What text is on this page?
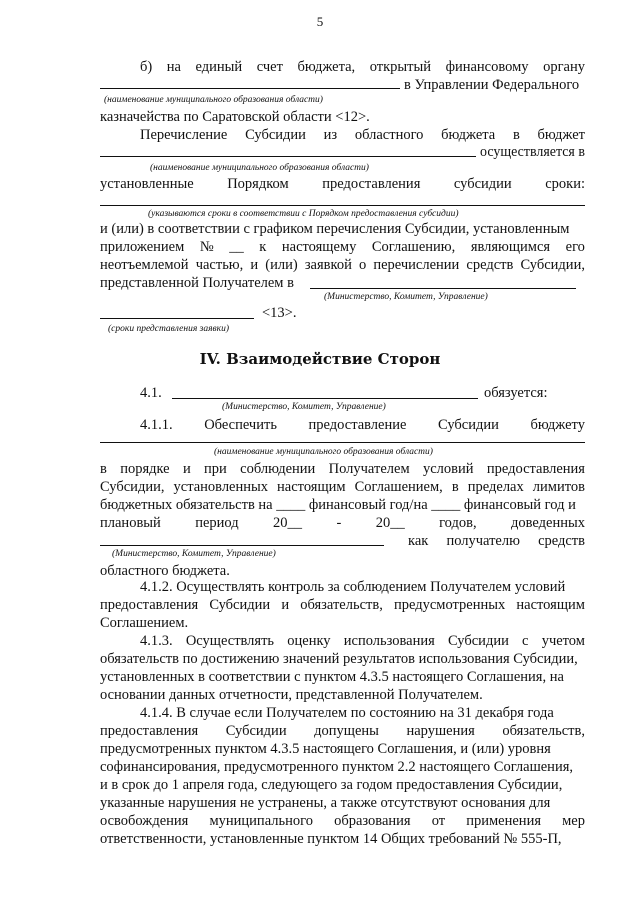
5
б) на единый счет бюджета, открытый финансовому органу
в Управлении Федерального
(наименование муниципального образования области)
казначейства по Саратовской области <12>.
Перечисление Субсидии из областного бюджета в бюджет
осуществляется в
(наименование муниципального образования области)
установленные Порядком предоставления субсидии сроки:
(указываются сроки в соответствии с Порядком предоставления субсидии)
и (или) в соответствии с графиком перечисления Субсидии, установленным
приложением № __ к настоящему Соглашению, являющимся его
неотъемлемой частью, и (или) заявкой о перечислении средств Субсидии,
представленной Получателем в
(Министерство, Комитет, Управление)
<13>.
(сроки представления заявки)
IV. Взаимодействие Сторон
4.1.	обязуется:
(Министерство, Комитет, Управление)
4.1.1. Обеспечить предоставление Субсидии бюджету
(наименование муниципального образования области)
в порядке и при соблюдении Получателем условий предоставления
Субсидии, установленных настоящим Соглашением, в пределах лимитов
бюджетных обязательств на ____ финансовый год/на ____ финансовый год и
плановый период 20__ - 20__ годов, доведенных
как получателю средств
(Министерство, Комитет, Управление)
областного бюджета.
4.1.2. Осуществлять контроль за соблюдением Получателем условий
предоставления Субсидии и обязательств, предусмотренных настоящим
Соглашением.
4.1.3. Осуществлять оценку использования Субсидии с учетом
обязательств по достижению значений результатов использования Субсидии,
установленных в соответствии с пунктом 4.3.5 настоящего Соглашения, на
основании данных отчетности, представленной Получателем.
4.1.4. В случае если Получателем по состоянию на 31 декабря года
предоставления Субсидии допущены нарушения обязательств,
предусмотренных пунктом 4.3.5 настоящего Соглашения, и (или) уровня
софинансирования, предусмотренного пунктом 2.2 настоящего Соглашения,
и в срок до 1 апреля года, следующего за годом предоставления Субсидии,
указанные нарушения не устранены, а также отсутствуют основания для
освобождения муниципального образования от применения мер
ответственности, установленные пунктом 14 Общих требований № 555-П,
